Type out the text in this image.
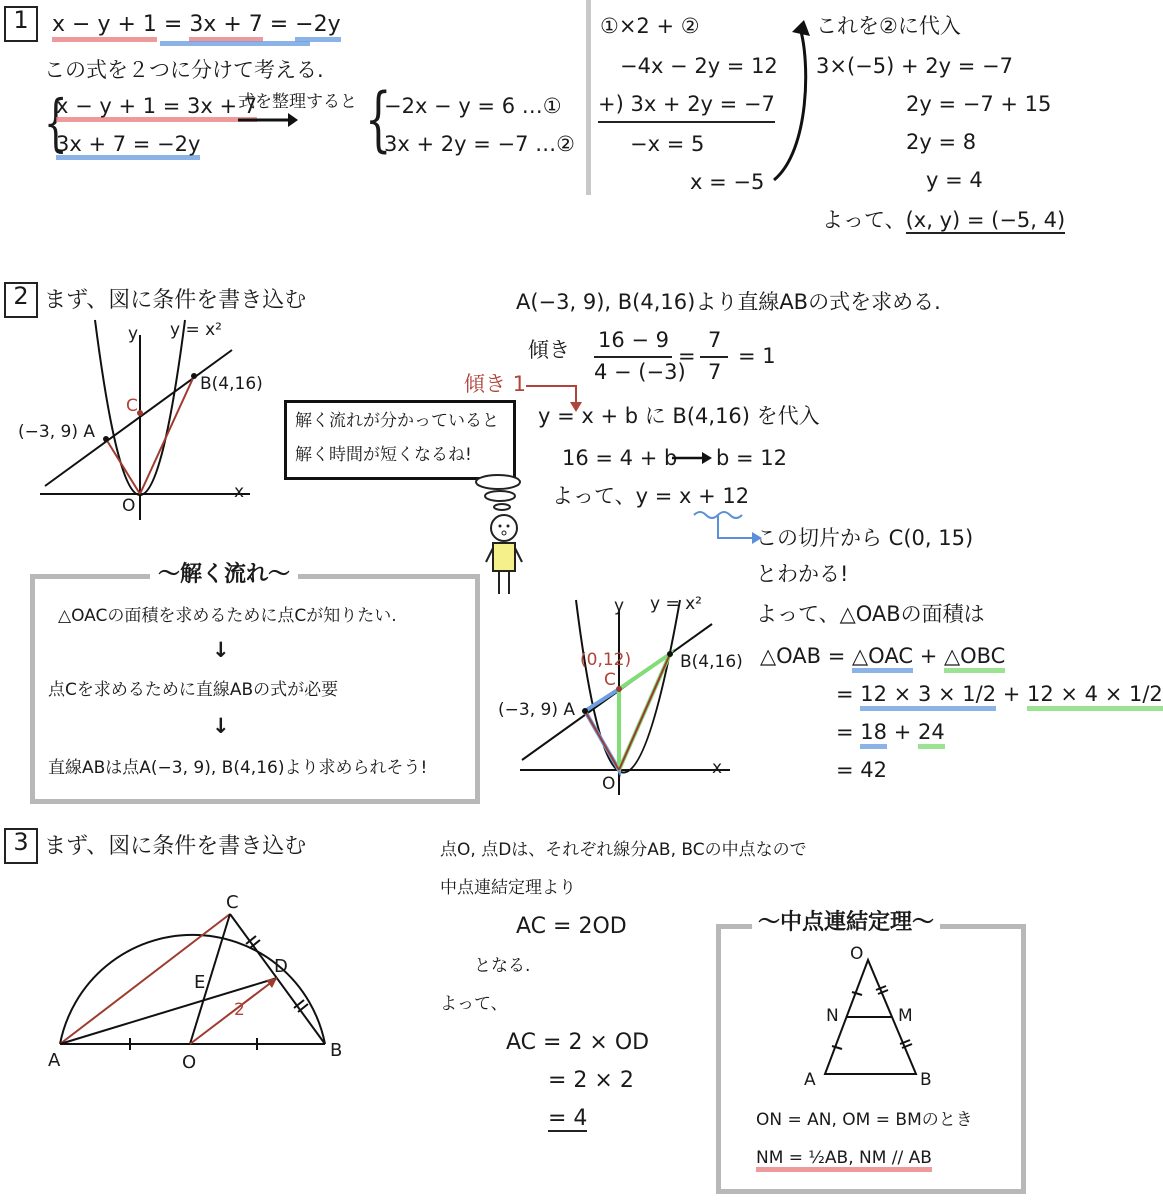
1	x − y + 1 = 3x + 7 = −2y
この式を２つに分けて考える.
{
x − y + 1 = 3x + 7
3x + 7 = −2y
式を整理すると {
−2x − y = 6 …①
3x + 2y = −7 …②
①×2 + ②
−4x − 2y = 12
+) 3x + 2y = −7
−x = 5
x = −5
これを②に代入
3×(−5) + 2y = −7
2y = −7 + 15
2y = 8
y = 4
よって、(x, y) = (−5, 4)
2 まず、図に条件を書き込む
y y = x²
(−3, 9) A
B(4,16)
C
O
x
解く流れが分かっていると
解く時間が短くなるね!
〜解く流れ〜
△OACの面積を求めるために点Cが知りたい.
↓
点Cを求めるために直線ABの式が必要
↓
直線ABは点A(−3, 9), B(4,16)より求められそう!
A(−3, 9), B(4,16)より直線ABの式を求める.
傾き 16 − 9
4 − (−3)
=
7
7
= 1
傾き 1
y = x + b に B(4,16) を代入
16 = 4 + b b = 12
よって、y = x + 12
この切片から C(0, 15)
とわかる!
よって、△OABの面積は
△OAB = △OAC + △OBC
= 12 × 3 × 1/2 + 12 × 4 × 1/2
= 18 + 24
= 42
y y = x²
(0,12)
C
(−3, 9) A
B(4,16)
O
x
3 まず、図に条件を書き込む
C
D
E
A	O
B
2
点O, 点Dは、それぞれ線分AB, BCの中点なので
中点連結定理より
AC = 2OD
となる.
よって、
AC = 2 × OD
= 2 × 2
= 4
〜中点連結定理〜
O
N	M
A	B
ON = AN, OM = BMのとき
NM = ½AB, NM // AB
